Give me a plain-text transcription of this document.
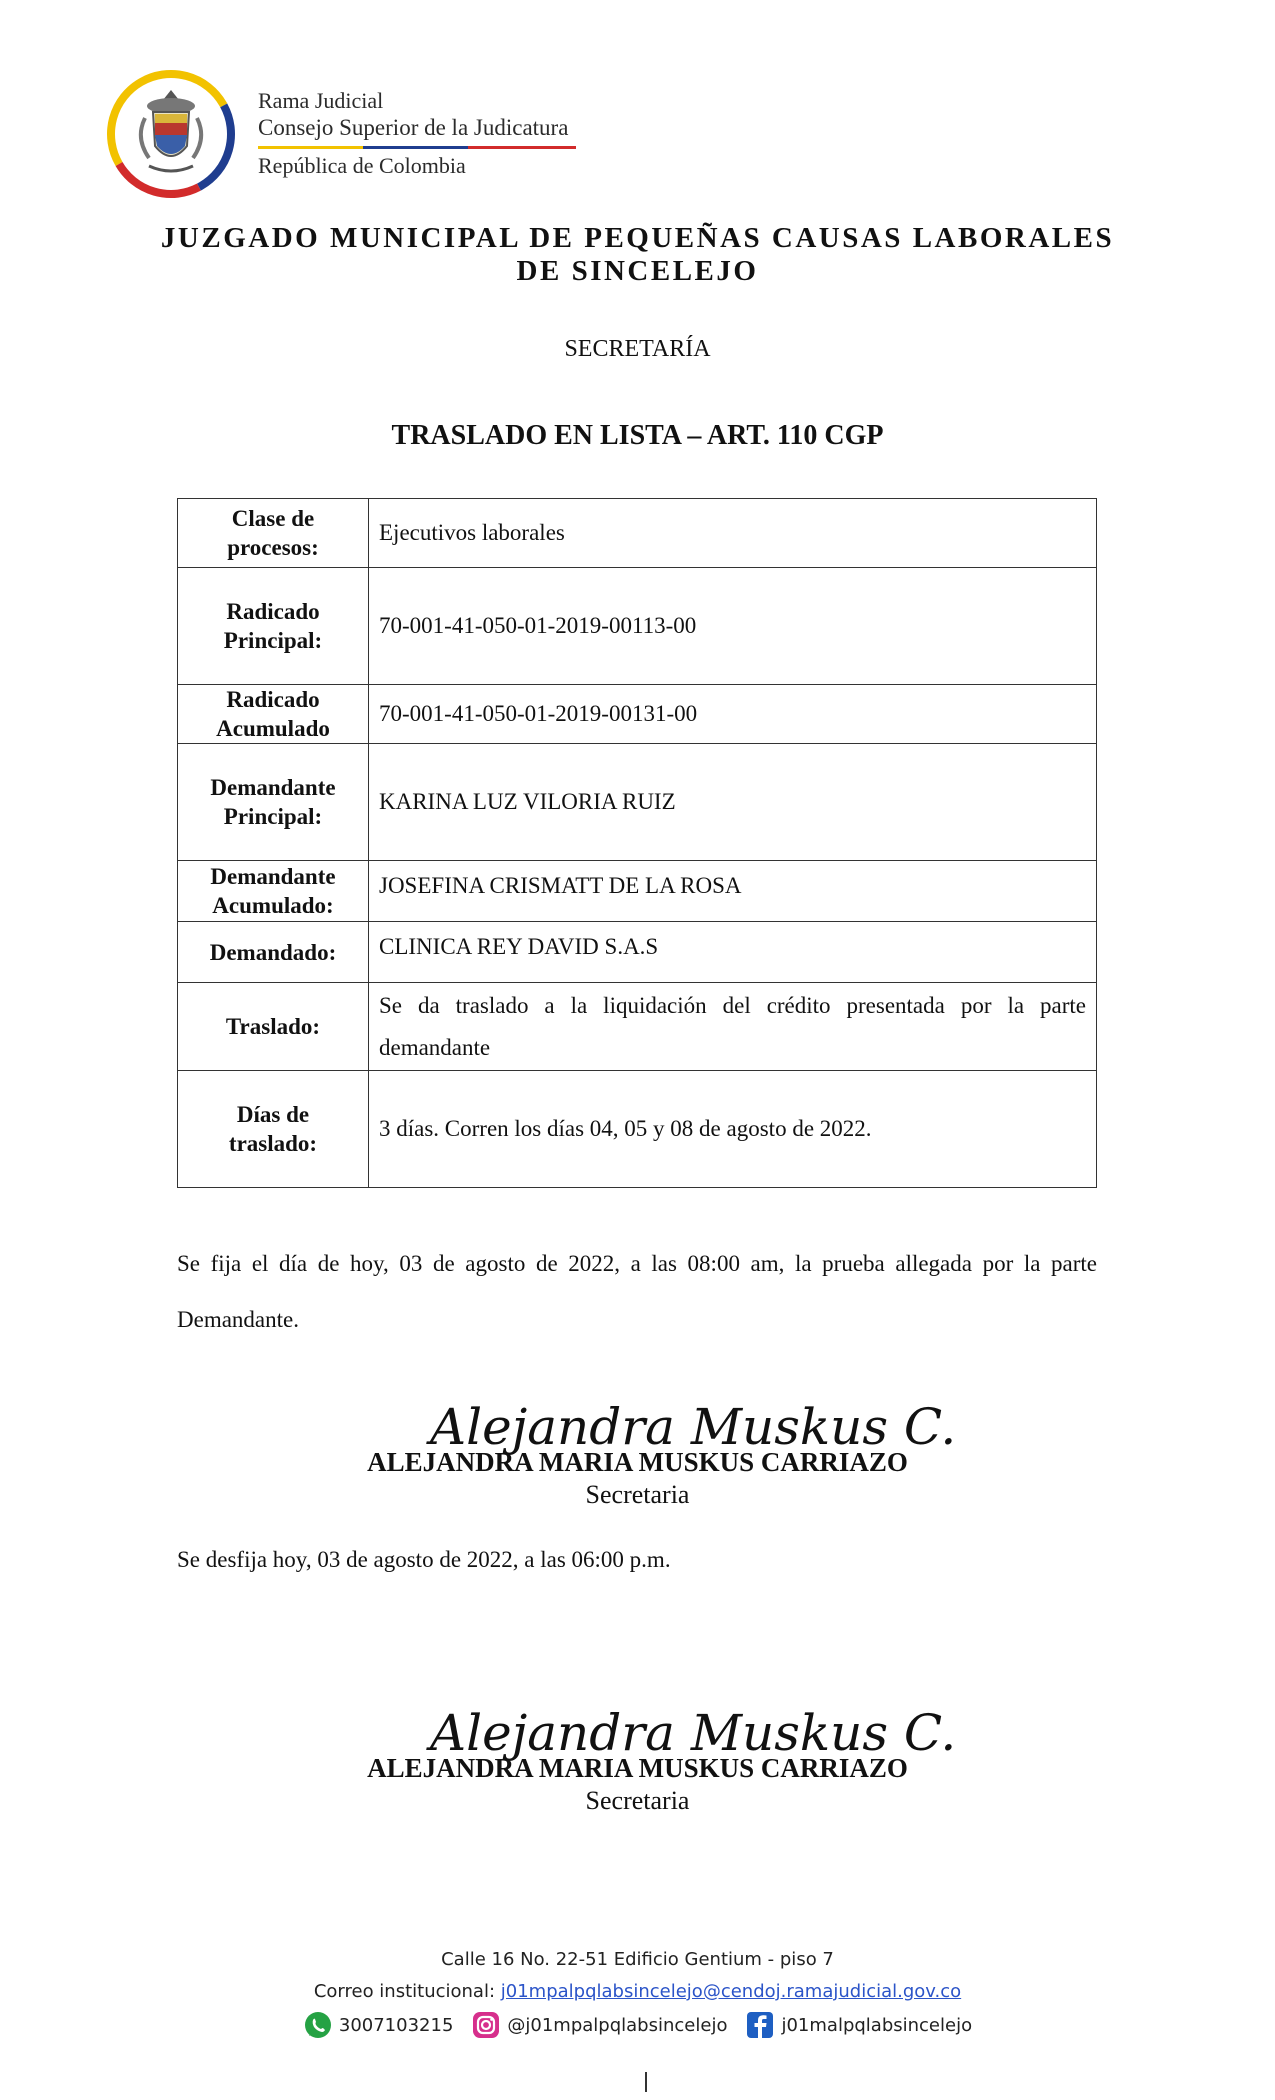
Rama Judicial
Consejo Superior de la Judicatura
República de Colombia
JUZGADO MUNICIPAL DE PEQUEÑAS CAUSAS LABORALES
DE SINCELEJO
SECRETARÍA
TRASLADO EN LISTA – ART. 110 CGP
Clase de
procesos:	Ejecutivos laborales
Radicado
Principal:	70-001-41-050-01-2019-00113-00
Radicado
Acumulado	70-001-41-050-01-2019-00131-00
Demandante
Principal:	KARINA LUZ VILORIA RUIZ
Demandante
Acumulado:	JOSEFINA CRISMATT DE LA ROSA
Demandado:	CLINICA REY DAVID S.A.S
Traslado:	Se da traslado a la liquidación del crédito presentada por la parte demandante
Días de
traslado:	3 días. Corren los días 04, 05 y 08 de agosto de 2022.
Se fija el día de hoy, 03 de agosto de 2022, a las 08:00 am, la prueba allegada por la parte Demandante.
Alejandra Muskus C.
ALEJANDRA MARIA MUSKUS CARRIAZO
Secretaria
Se desfija hoy, 03 de agosto de 2022, a las 06:00 p.m.
Alejandra Muskus C.
ALEJANDRA MARIA MUSKUS CARRIAZO
Secretaria
Calle 16 No. 22-51 Edificio Gentium - piso 7
Correo institucional: j01mpalpqlabsincelejo@cendoj.ramajudicial.gov.co
3007103215	@j01mpalpqlabsincelejo	j01malpqlabsincelejo
